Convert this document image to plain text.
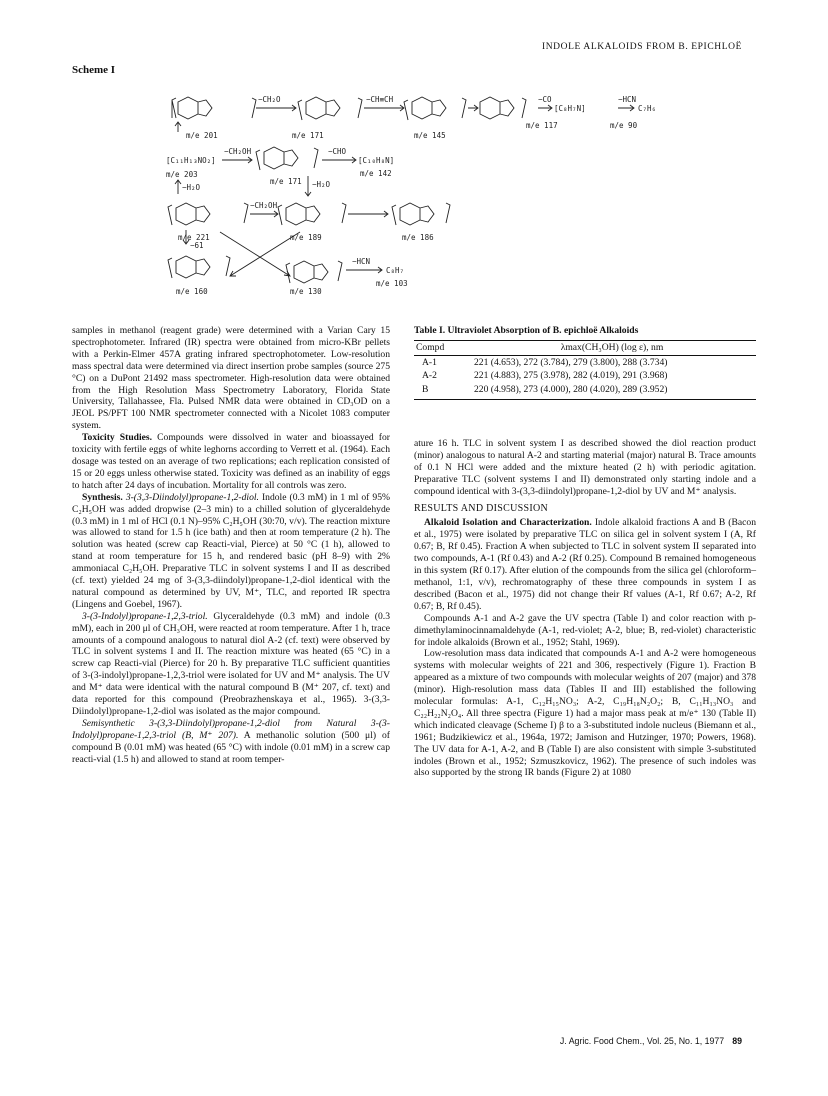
INDOLE ALKALOIDS FROM B. EPICHLOË
Scheme I
−CH₂O	−CH≡CH	−CO
[C₈H₇N]
−HCN
C₇H₆
m/e 201	m/e 171	m/e 145
m/e 117	m/e 90
[C₁₁H₁₃NO₂]
−CH₂OH	−CHO
[C₁₀H₈N]
m/e 203
−H₂O
m/e 171
m/e 142
−H₂O
−CH₂OH
m/e 221	m/e 189	m/e 186
−61
−HCN
C₈H₇
m/e 103
m/e 160	m/e 130

samples in methanol (reagent grade) were determined with a Varian Cary 15 spectrophotometer. Infrared (IR) spectra were obtained from micro-KBr pellets with a Perkin-Elmer 457A grating infrared spectrophotometer. Low-resolution mass spectral data were determined via direct insertion probe samples (source 275 °C) on a DuPont 21492 mass spectrometer. High-resolution data were obtained from the High Resolution Mass Spectrometry Laboratory, Florida State University, Tallahassee, Fla. Pulsed NMR data were obtained in CD₃OD on a JEOL PS/PFT 100 NMR spectrometer connected with a Nicolet 1083 computer system.

Toxicity Studies. Compounds were dissolved in water and bioassayed for toxicity with fertile eggs of white leghorns according to Verrett et al. (1964). Each dosage was tested on an average of two replications; each replication consisted of 15 or 20 eggs unless otherwise stated. Toxicity was defined as an inability of eggs to hatch after 24 days of incubation. Mortality for all controls was zero.

Synthesis. 3-(3,3-Diindolyl)propane-1,2-diol. Indole (0.3 mM) in 1 ml of 95% C₂H₅OH was added dropwise (2–3 min) to a chilled solution of glyceraldehyde (0.3 mM) in 1 ml of HCl (0.1 N)–95% C₂H₅OH (30:70, v/v). The reaction mixture was allowed to stand for 1.5 h (ice bath) and then at room temperature (2 h). The solution was heated (screw cap Reacti-vial, Pierce) at 50 °C (1 h), allowed to stand at room temperature for 15 h, and rendered basic (pH 8–9) with 2% ammoniacal C₂H₅OH. Preparative TLC in solvent systems I and II as described (cf. text) yielded 24 mg of 3-(3,3-diindolyl)propane-1,2-diol identical with the natural compound as determined by UV, M⁺, TLC, and reported IR spectra (Lingens and Goebel, 1967).

3-(3-Indolyl)propane-1,2,3-triol. Glyceraldehyde (0.3 mM) and indole (0.3 mM), each in 200 μl of CH₃OH, were reacted at room temperature. After 1 h, trace amounts of a compound analogous to natural diol A-2 (cf. text) were observed by TLC in solvent systems I and II. The reaction mixture was heated (65 °C) in a screw cap Reacti-vial (Pierce) for 20 h. By preparative TLC sufficient quantities of 3-(3-indolyl)propane-1,2,3-triol were isolated for UV and M⁺ analysis. The UV and M⁺ data were identical with the natural compound B (M⁺ 207, cf. text) and data reported for this compound (Preobrazhenskaya et al., 1965). 3-(3,3-Diindolyl)propane-1,2-diol was isolated as the major compound.

Semisynthetic 3-(3,3-Diindolyl)propane-1,2-diol from Natural 3-(3-Indolyl)propane-1,2,3-triol (B, M⁺ 207). A methanolic solution (500 μl) of compound B (0.01 mM) was heated (65 °C) with indole (0.01 mM) in a screw cap reacti-vial (1.5 h) and allowed to stand at room temper-

Table I. Ultraviolet Absorption of B. epichloë Alkaloids
Compd	λmax(CH₃OH) (log ε), nm
A-1	221 (4.653), 272 (3.784), 279 (3.800), 288 (3.734)
A-2	221 (4.883), 275 (3.978), 282 (4.019), 291 (3.968)
B	220 (4.958), 273 (4.000), 280 (4.020), 289 (3.952)

ature 16 h. TLC in solvent system I as described showed the diol reaction product (minor) analogous to natural A-2 and starting material (major) natural B. Trace amounts of 0.1 N HCl were added and the mixture heated (2 h) with periodic agitation. Preparative TLC (solvent systems I and II) demonstrated only starting indole and a compound identical with 3-(3,3-diindolyl)propane-1,2-diol by UV and M⁺ analysis.

RESULTS AND DISCUSSION

Alkaloid Isolation and Characterization. Indole alkaloid fractions A and B (Bacon et al., 1975) were isolated by preparative TLC on silica gel in solvent system I (A, Rf 0.67; B, Rf 0.45). Fraction A when subjected to TLC in solvent system II separated into two compounds, A-1 (Rf 0.43) and A-2 (Rf 0.25). Compound B remained homogeneous in this system (Rf 0.17). After elution of the compounds from the silica gel (chloroform–methanol, 1:1, v/v), rechromatography of these three compounds in system I as described (Bacon et al., 1975) did not change their Rf values (A-1, Rf 0.67; A-2, Rf 0.67; B, Rf 0.45).

Compounds A-1 and A-2 gave the UV spectra (Table I) and color reaction with p-dimethylaminocinnamaldehyde (A-1, red-violet; A-2, blue; B, red-violet) characteristic for indole alkaloids (Brown et al., 1952; Stahl, 1969).

Low-resolution mass data indicated that compounds A-1 and A-2 were homogeneous systems with molecular weights of 221 and 306, respectively (Figure 1). Fraction B appeared as a mixture of two compounds with molecular weights of 207 (major) and 378 (minor). High-resolution mass data (Tables II and III) established the following molecular formulas: A-1, C₁₂H₁₅NO₃; A-2, C₁₉H₁₈N₂O₂; B, C₁₁H₁₃NO₃ and C₂₂H₂₂N₂O₄. All three spectra (Figure 1) had a major mass peak at m/e⁺ 130 (Table II) which indicated cleavage (Scheme I) β to a 3-substituted indole nucleus (Biemann et al., 1961; Budzikiewicz et al., 1964a, 1972; Jamison and Hutzinger, 1970; Powers, 1968). The UV data for A-1, A-2, and B (Table I) are also consistent with simple 3-substituted indoles (Brown et al., 1952; Szmuszkovicz, 1962). The presence of such indoles was also supported by the strong IR bands (Figure 2) at 1080

J. Agric. Food Chem., Vol. 25, No. 1, 1977 89
